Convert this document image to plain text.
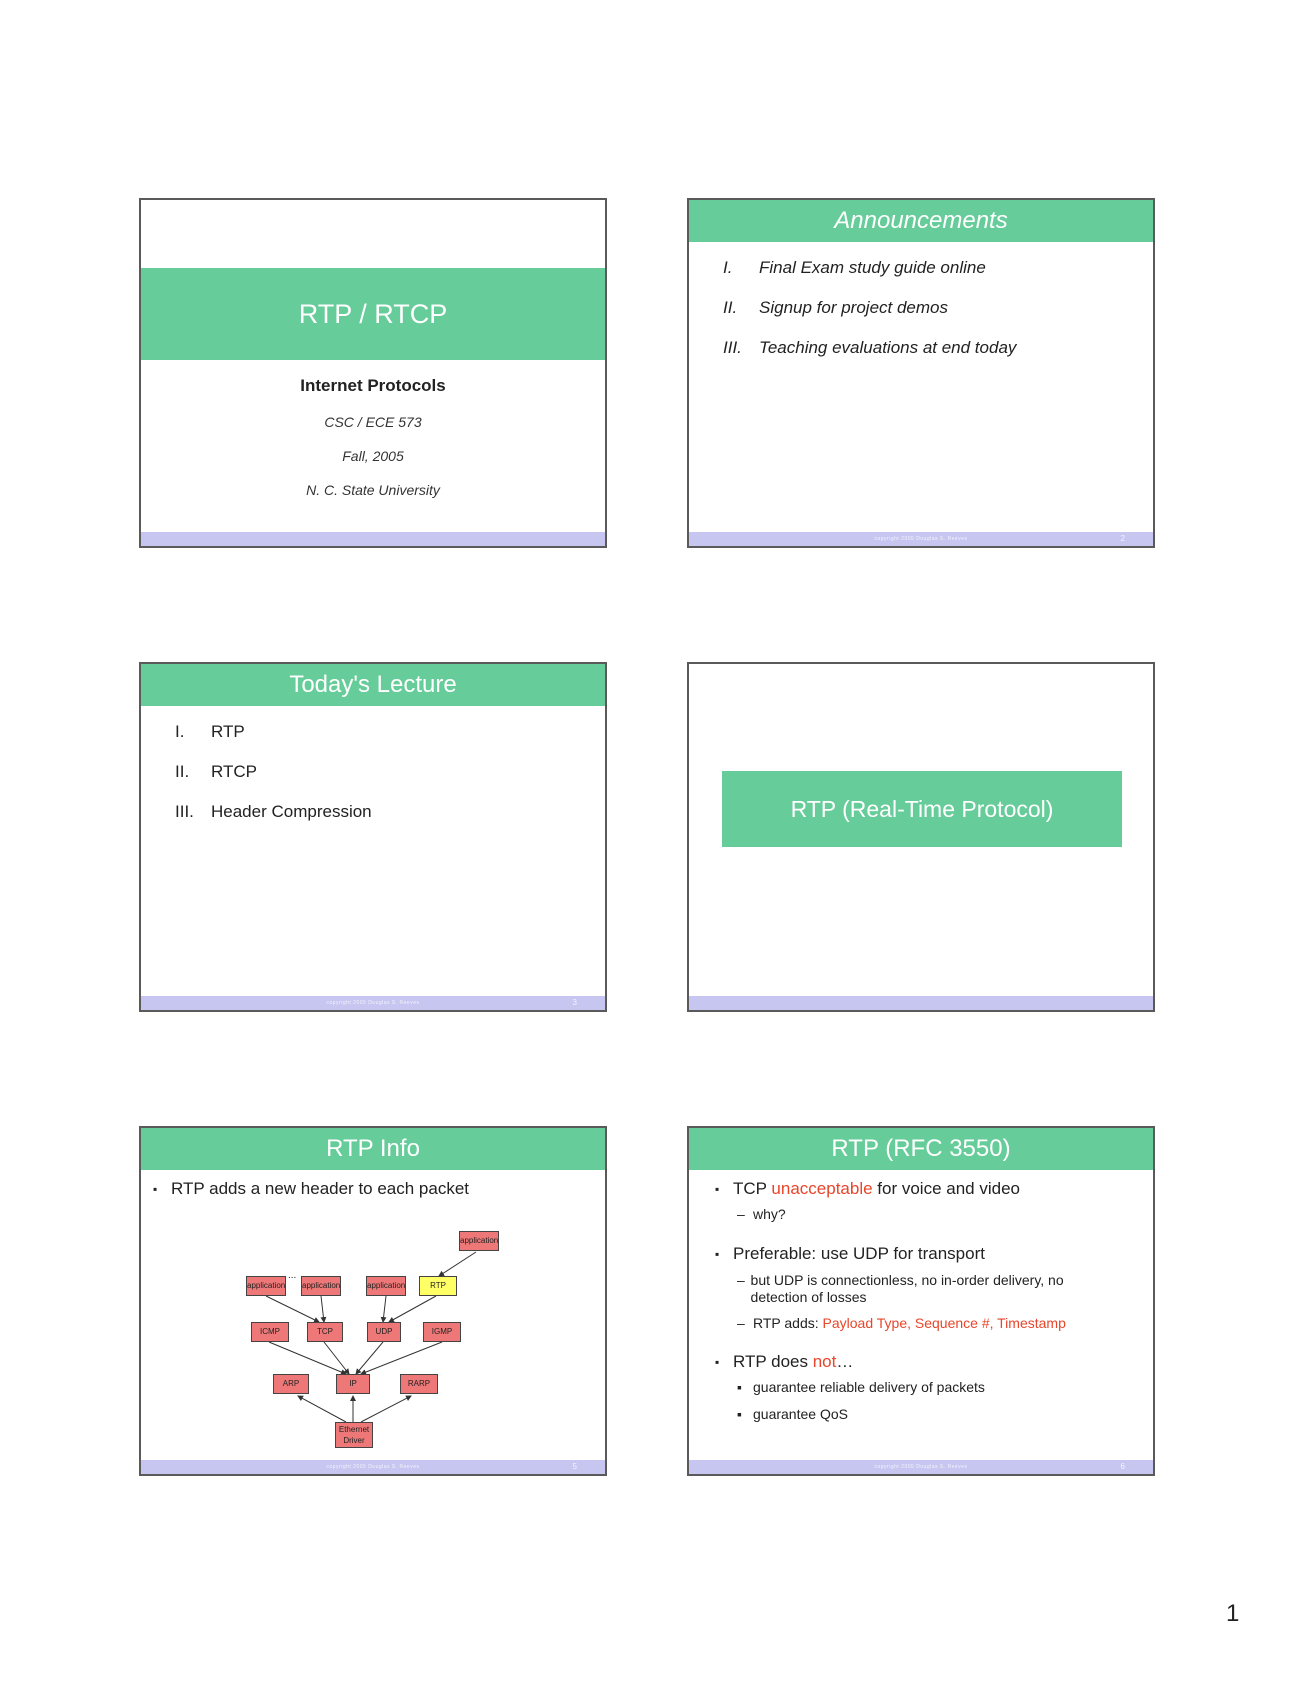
RTP / RTCP
Internet Protocols
CSC / ECE 573
Fall, 2005
N. C. State University
Announcements
I.	Final Exam study guide online
II.	Signup for project demos
III.	Teaching evaluations at end today
copyright 2005 Douglas S. Reeves	2
Today's Lecture
I.	RTP
II.	RTCP
III.	Header Compression
copyright 2005 Douglas S. Reeves	3
RTP (Real-Time Protocol)
RTP Info
▪ RTP adds a new header to each packet
application
application
...
application	application	RTP
ICMP	TCP	UDP	IGMP
ARP	IP	RARP
Ethernet
Driver
copyright 2005 Douglas S. Reeves	5
RTP (RFC 3550)
▪ TCP unacceptable for voice and video
– why?
▪ Preferable: use UDP for transport
– but UDP is connectionless, no in-order delivery, no detection of losses
– RTP adds: Payload Type, Sequence #, Timestamp
▪ RTP does not…
▪ guarantee reliable delivery of packets
▪ guarantee QoS
copyright 2005 Douglas S. Reeves	6
1
